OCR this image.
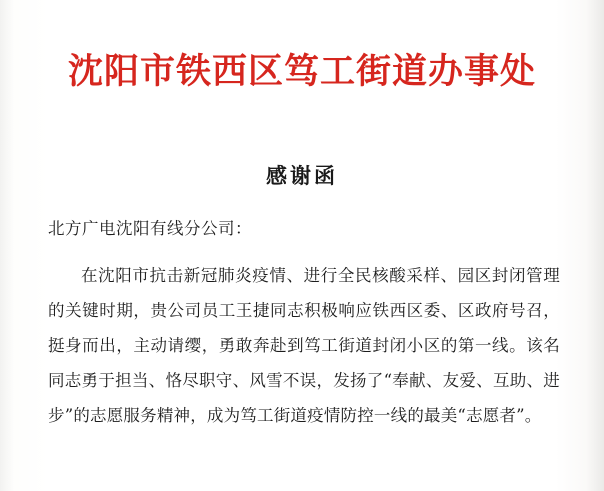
沈阳市铁西区笃工街道办事处
感谢函
北方广电沈阳有线分公司：

在沈阳市抗击新冠肺炎疫情、进行全民核酸采样、园区封闭管理的关键时期，贵公司员工王捷同志积极响应铁西区委、区政府号召，挺身而出，主动请缨，勇敢奔赴到笃工街道封闭小区的第一线。该名同志勇于担当、恪尽职守、风雪不误，发扬了“奉献、友爱、互助、进步”的志愿服务精神，成为笃工街道疫情防控一线的最美“志愿者”。
